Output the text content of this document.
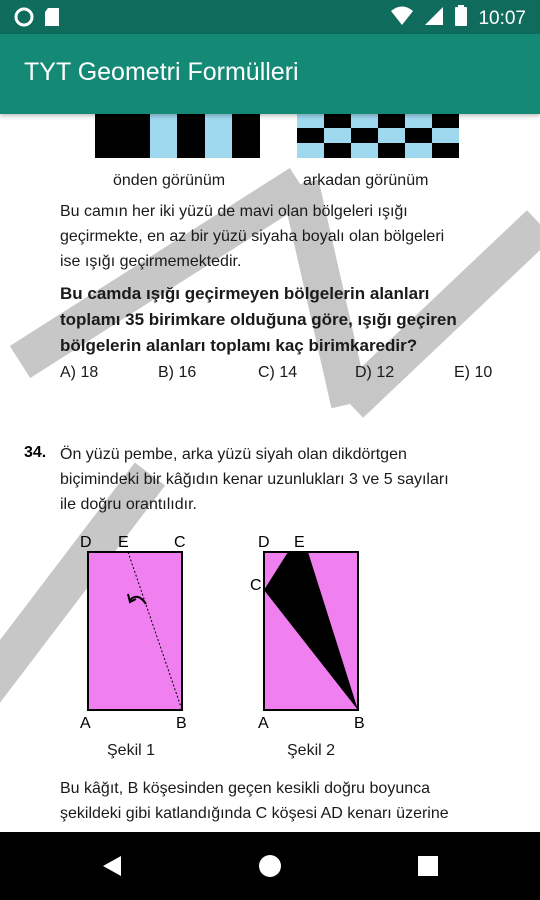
10:07
TYT Geometri Formülleri
önden görünüm	arkadan görünüm
Bu camın her iki yüzü de mavi olan bölgeleri ışığı
geçirmekte, en az bir yüzü siyaha boyalı olan bölgeleri
ise ışığı geçirmemektedir.
Bu camda ışığı geçirmeyen bölgelerin alanları
toplamı 35 birimkare olduğuna göre, ışığı geçiren
bölgelerin alanları toplamı kaç birimkaredir?
A) 18	B) 16	C) 14	D) 12	E) 10
34. Ön yüzü pembe, arka yüzü siyah olan dikdörtgen
biçimindeki bir kâğıdın kenar uzunlukları 3 ve 5 sayıları
ile doğru orantılıdır.
D E	C
A	B
Şekil 1
D E
C
A	B
Şekil 2
Bu kâğıt, B köşesinden geçen kesikli doğru boyunca
şekildeki gibi katlandığında C köşesi AD kenarı üzerine
